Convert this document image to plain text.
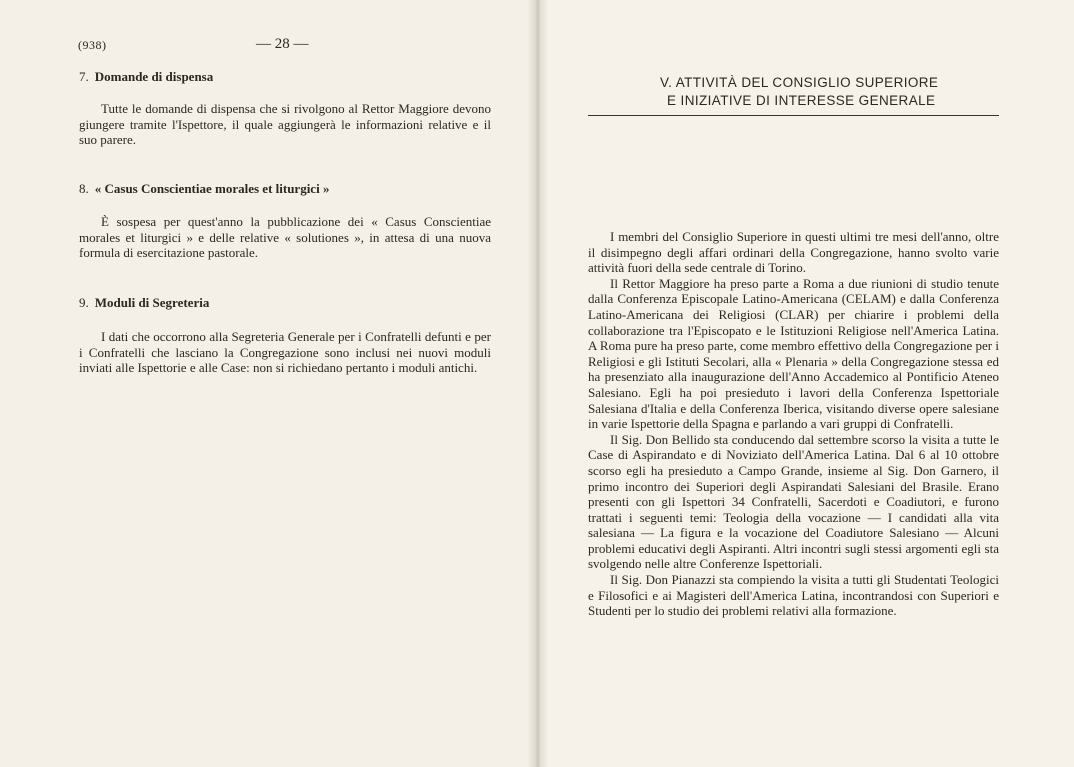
(938)	— 28 —
7. Domande di dispensa

Tutte le domande di dispensa che si rivolgono al Rettor Maggiore devono giungere tramite l'Ispettore, il quale aggiungerà le informazioni relative e il suo parere.

8. « Casus Conscientiae morales et liturgici »

È sospesa per quest'anno la pubblicazione dei « Casus Conscientiae morales et liturgici » e delle relative « solutiones », in attesa di una nuova formula di esercitazione pastorale.

9. Moduli di Segreteria

I dati che occorrono alla Segreteria Generale per i Confratelli defunti e per i Confratelli che lasciano la Congregazione sono inclusi nei nuovi moduli inviati alle Ispettorie e alle Case: non si richiedano pertanto i moduli antichi.

V. ATTIVITÀ DEL CONSIGLIO SUPERIORE
E INIZIATIVE DI INTERESSE GENERALE

I membri del Consiglio Superiore in questi ultimi tre mesi dell'anno, oltre il disimpegno degli affari ordinari della Congregazione, hanno svolto varie attività fuori della sede centrale di Torino.

Il Rettor Maggiore ha preso parte a Roma a due riunioni di studio tenute dalla Conferenza Episcopale Latino-Americana (CELAM) e dalla Conferenza Latino-Americana dei Religiosi (CLAR) per chiarire i problemi della collaborazione tra l'Episcopato e le Istituzioni Religiose nell'America Latina. A Roma pure ha preso parte, come membro effettivo della Congregazione per i Religiosi e gli Istituti Secolari, alla « Plenaria » della Congregazione stessa ed ha presenziato alla inaugurazione dell'Anno Accademico al Pontificio Ateneo Salesiano. Egli ha poi presieduto i lavori della Conferenza Ispettoriale Salesiana d'Italia e della Conferenza Iberica, visitando diverse opere salesiane in varie Ispettorie della Spagna e parlando a vari gruppi di Confratelli.

Il Sig. Don Bellido sta conducendo dal settembre scorso la visita a tutte le Case di Aspirandato e di Noviziato dell'America Latina. Dal 6 al 10 ottobre scorso egli ha presieduto a Campo Grande, insieme al Sig. Don Garnero, il primo incontro dei Superiori degli Aspirandati Salesiani del Brasile. Erano presenti con gli Ispettori 34 Confratelli, Sacerdoti e Coadiutori, e furono trattati i seguenti temi: Teologia della vocazione — I candidati alla vita salesiana — La figura e la vocazione del Coadiutore Salesiano — Alcuni problemi educativi degli Aspiranti. Altri incontri sugli stessi argomenti egli sta svolgendo nelle altre Conferenze Ispettoriali.

Il Sig. Don Pianazzi sta compiendo la visita a tutti gli Studentati Teologici e Filosofici e ai Magisteri dell'America Latina, incontrandosi con Superiori e Studenti per lo studio dei problemi relativi alla formazione.
